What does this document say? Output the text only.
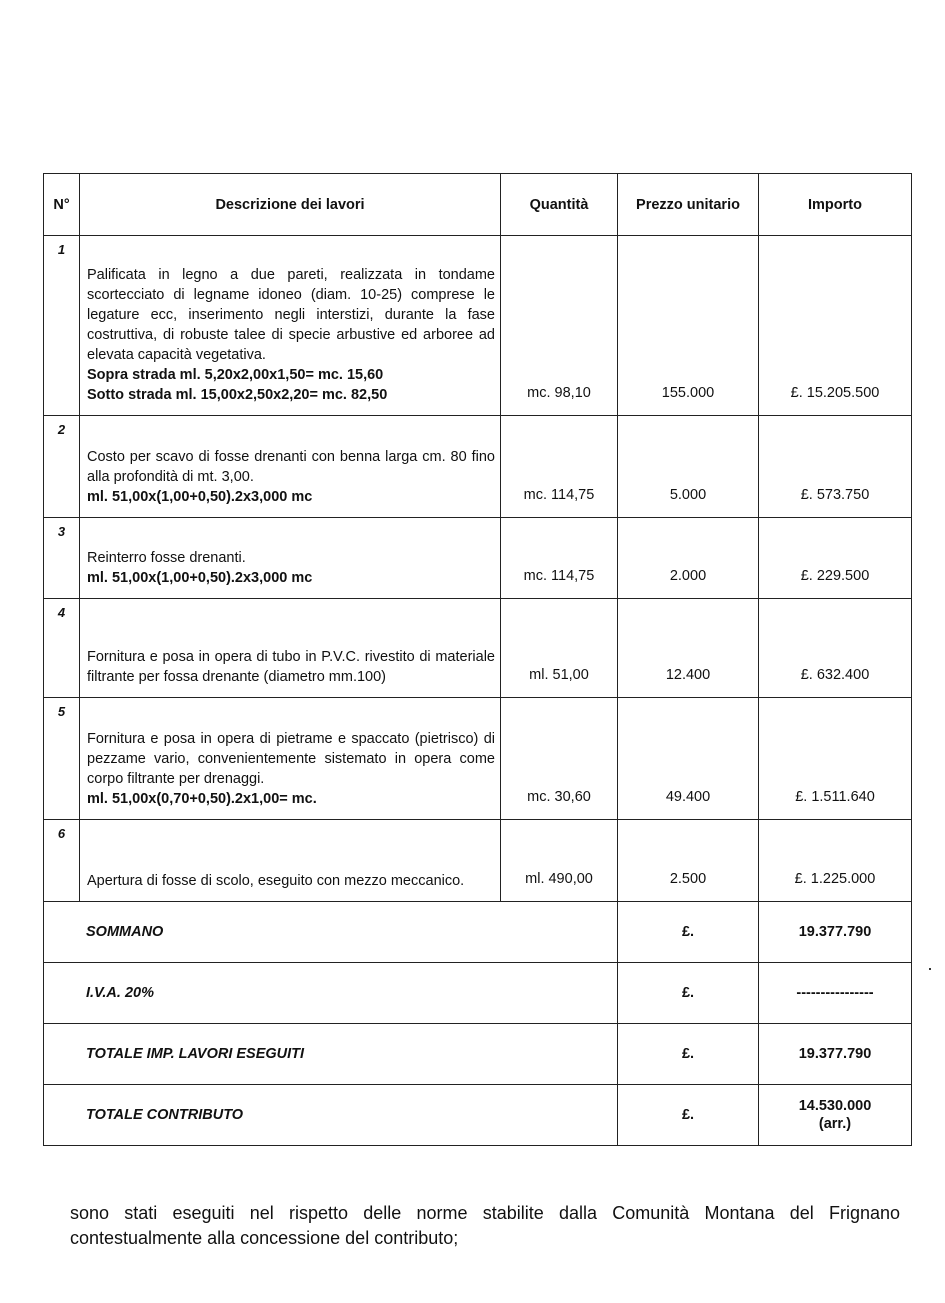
N°	Descrizione dei lavori	Quantità	Prezzo unitario	Importo
1	Palificata in legno a due pareti, realizzata in tondame scortecciato di legname idoneo (diam. 10-25) comprese le legature ecc, inserimento negli interstizi, durante la fase costruttiva, di robuste talee di specie arbustive ed arboree ad elevata capacità vegetativa.
Sopra strada ml. 5,20x2,00x1,50= mc. 15,60
Sotto strada ml. 15,00x2,50x2,20= mc. 82,50	mc. 98,10	155.000	£. 15.205.500
2	Costo per scavo di fosse drenanti con benna larga cm. 80 fino alla profondità di mt. 3,00.
ml. 51,00x(1,00+0,50).2x3,000 mc	mc. 114,75	5.000	£. 573.750
3	Reinterro fosse drenanti.
ml. 51,00x(1,00+0,50).2x3,000 mc	mc. 114,75	2.000	£. 229.500
4	Fornitura e posa in opera di tubo in P.V.C. rivestito di materiale filtrante per fossa drenante (diametro mm.100)	ml. 51,00	12.400	£. 632.400
5	Fornitura e posa in opera di pietrame e spaccato (pietrisco) di pezzame vario, convenientemente sistemato in opera come corpo filtrante per drenaggi.
ml. 51,00x(0,70+0,50).2x1,00= mc.	mc. 30,60	49.400	£. 1.511.640
6	Apertura di fosse di scolo, eseguito con mezzo meccanico.	ml. 490,00	2.500	£. 1.225.000
SOMMANO			£.	19.377.790
I.V.A. 20%			£.	----------------
TOTALE IMP. LAVORI ESEGUITI			£.	19.377.790
TOTALE CONTRIBUTO			£.	14.530.000
(arr.)

sono stati eseguiti nel rispetto delle norme stabilite dalla Comunità Montana del Frignano contestualmente alla concessione del contributo;
